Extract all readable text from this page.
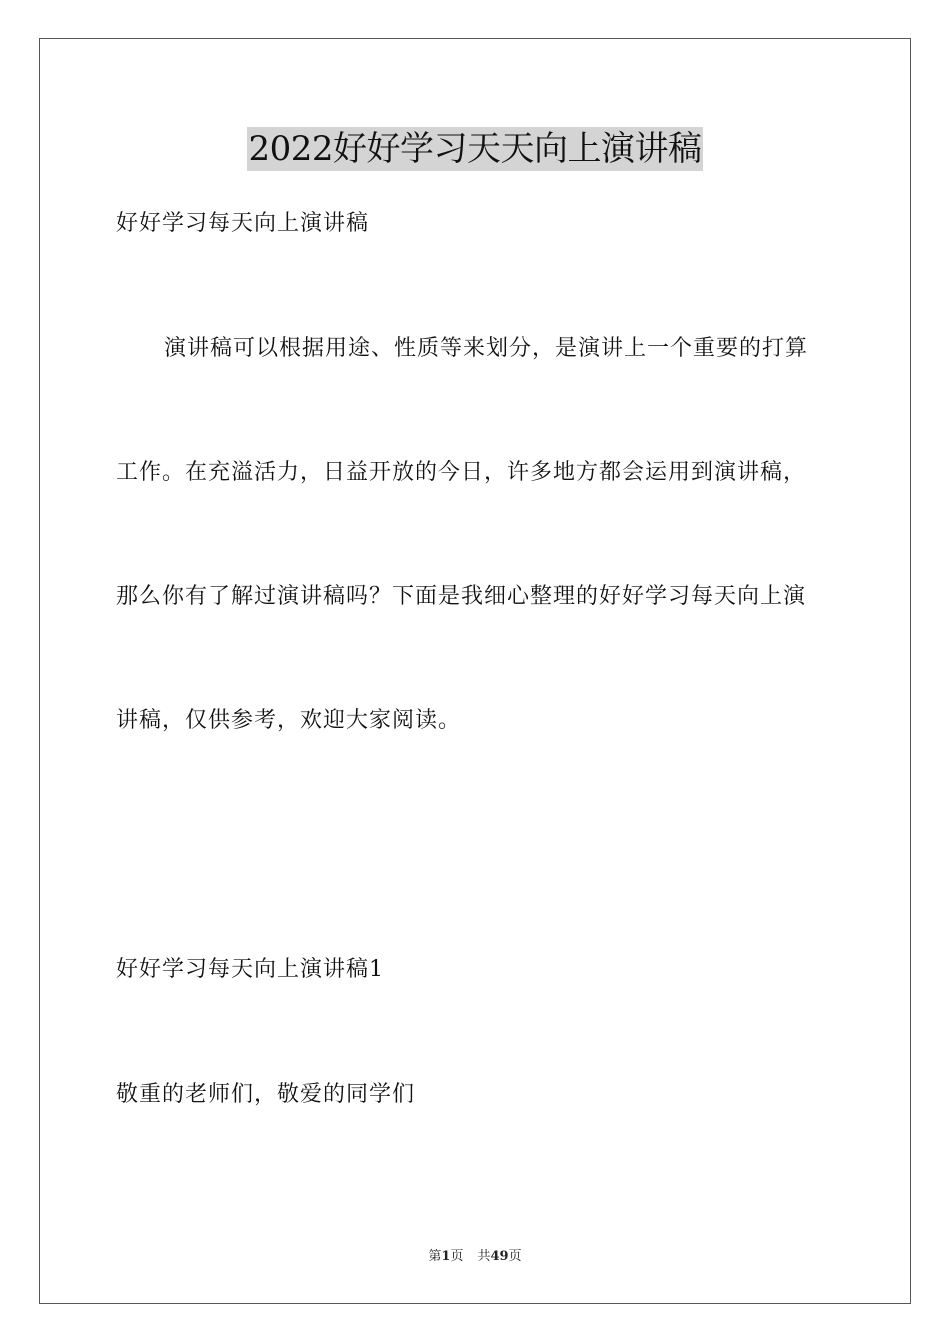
2022好好学习天天向上演讲稿

好好学习每天向上演讲稿

演讲稿可以根据用途、性质等来划分，是演讲上一个重要的打算

工作。在充溢活力，日益开放的今日，许多地方都会运用到演讲稿，

那么你有了解过演讲稿吗？下面是我细心整理的好好学习每天向上演

讲稿，仅供参考，欢迎大家阅读。

好好学习每天向上演讲稿1

敬重的老师们，敬爱的同学们

第1页 共49页
